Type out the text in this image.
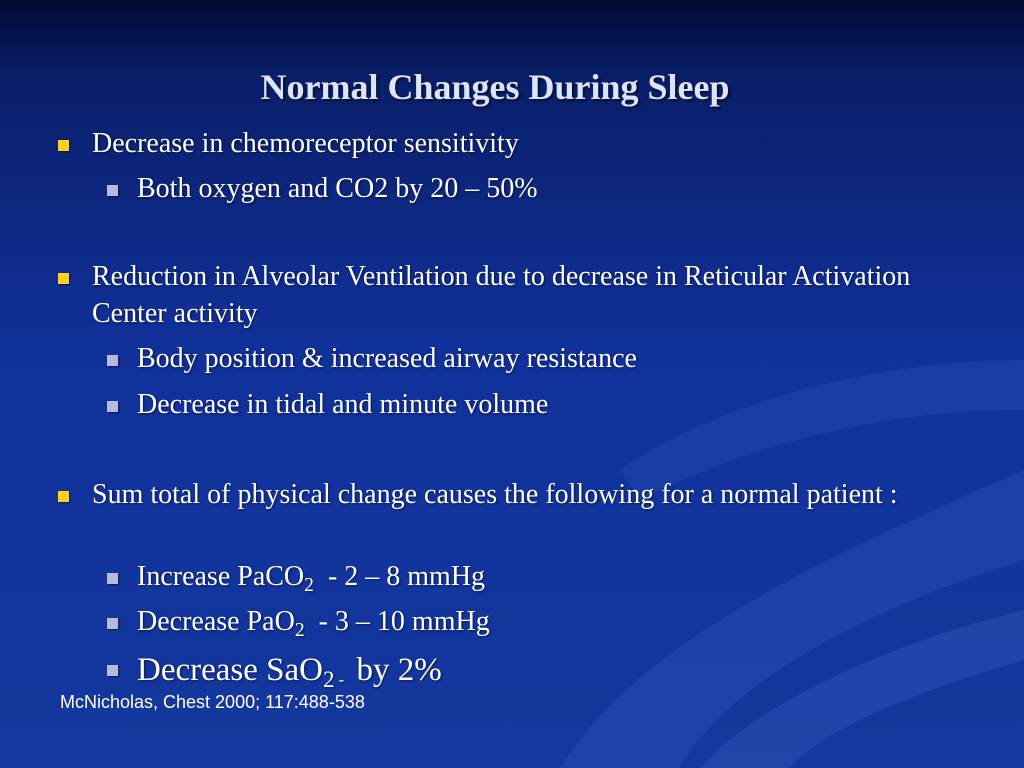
Normal Changes During Sleep
Decrease in chemoreceptor sensitivity
Both oxygen and CO2 by 20 – 50%
Reduction in Alveolar Ventilation due to decrease in Reticular Activation Center activity
Body position & increased airway resistance
Decrease in tidal and minute volume
Sum total of physical change causes the following for a normal patient :
Increase PaCO$_2$  - 2 – 8 mmHg
Decrease PaO$_2$  - 3 – 10 mmHg
Decrease SaO$_2$ $_-$  by 2%
McNicholas, Chest 2000; 117:488-538
